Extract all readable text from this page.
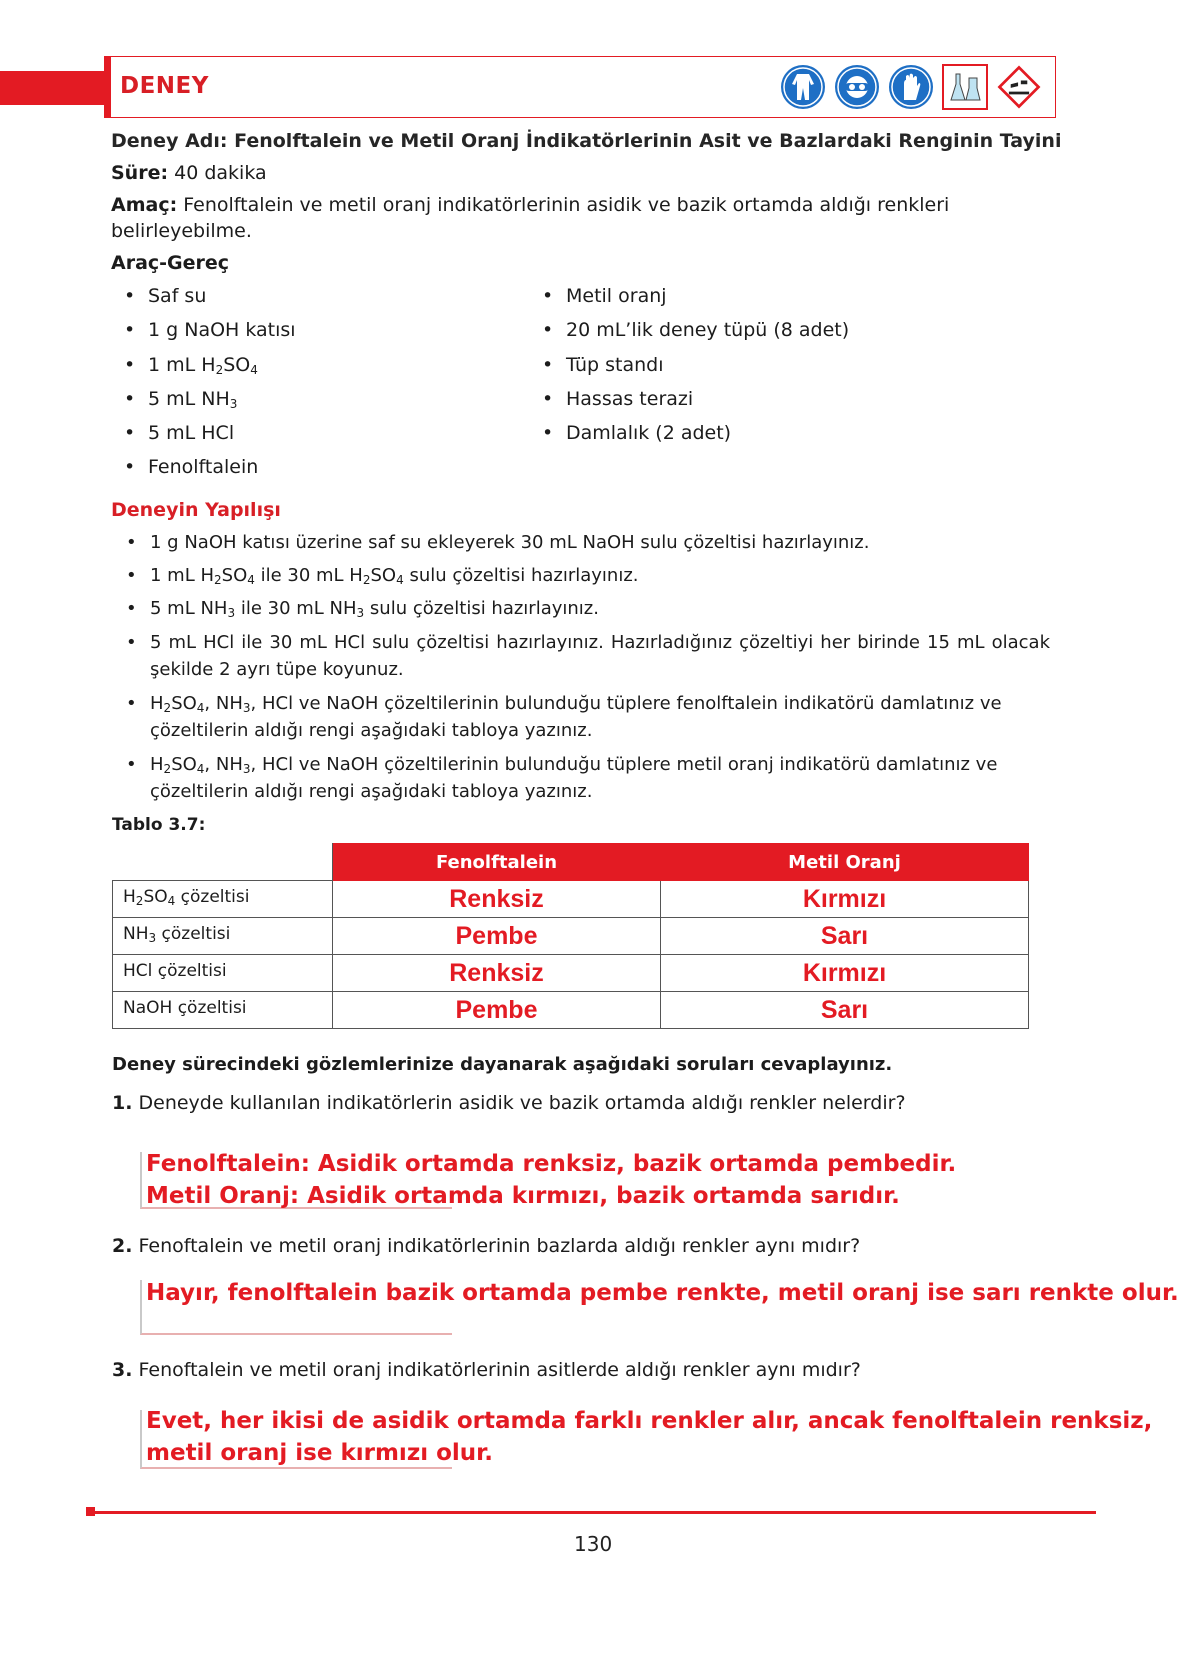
DENEY
Deney Adı: Fenolftalein ve Metil Oranj İndikatörlerinin Asit ve Bazlardaki Renginin Tayini
Süre: 40 dakika
Amaç: Fenolftalein ve metil oranj indikatörlerinin asidik ve bazik ortamda aldığı renkleri
belirleyebilme.
Araç-Gereç
• Saf su
• 1 g NaOH katısı
• 1 mL $H_2SO_4$
• 5 mL $NH_3$
• 5 mL HCl
• Fenolftalein
• Metil oranj
• 20 mL’lik deney tüpü (8 adet)
• Tüp standı
• Hassas terazi
• Damlalık (2 adet)
Deneyin Yapılışı
• 1 g NaOH katısı üzerine saf su ekleyerek 30 mL NaOH sulu çözeltisi hazırlayınız.
• 1 mL $H_2SO_4$ ile 30 mL $H_2SO_4$ sulu çözeltisi hazırlayınız.
• 5 mL $NH_3$ ile 30 mL $NH_3$ sulu çözeltisi hazırlayınız.
• 5 mL HCl ile 30 mL HCl sulu çözeltisi hazırlayınız. Hazırladığınız çözeltiyi her birinde 15 mL olacak şekilde 2 ayrı tüpe koyunuz.
• $H_2SO_4$, $NH_3$, HCl ve NaOH çözeltilerinin bulunduğu tüplere fenolftalein indikatörü damlatınız ve çözeltilerin aldığı rengi aşağıdaki tabloya yazınız.
• $H_2SO_4$, $NH_3$, HCl ve NaOH çözeltilerinin bulunduğu tüplere metil oranj indikatörü damlatınız ve çözeltilerin aldığı rengi aşağıdaki tabloya yazınız.
Tablo 3.7:
	Fenolftalein	Metil Oranj
$H_2SO_4$ çözeltisi	Renksiz	Kırmızı
$NH_3$ çözeltisi	Pembe	Sarı
HCl çözeltisi	Renksiz	Kırmızı
NaOH çözeltisi	Pembe	Sarı
Deney sürecindeki gözlemlerinize dayanarak aşağıdaki soruları cevaplayınız.
1. Deneyde kullanılan indikatörlerin asidik ve bazik ortamda aldığı renkler nelerdir?
Fenolftalein: Asidik ortamda renksiz, bazik ortamda pembedir.
Metil Oranj: Asidik ortamda kırmızı, bazik ortamda sarıdır.
2. Fenoftalein ve metil oranj indikatörlerinin bazlarda aldığı renkler aynı mıdır?
Hayır, fenolftalein bazik ortamda pembe renkte, metil oranj ise sarı renkte olur.
3. Fenoftalein ve metil oranj indikatörlerinin asitlerde aldığı renkler aynı mıdır?
Evet, her ikisi de asidik ortamda farklı renkler alır, ancak fenolftalein renksiz,
metil oranj ise kırmızı olur.
130
